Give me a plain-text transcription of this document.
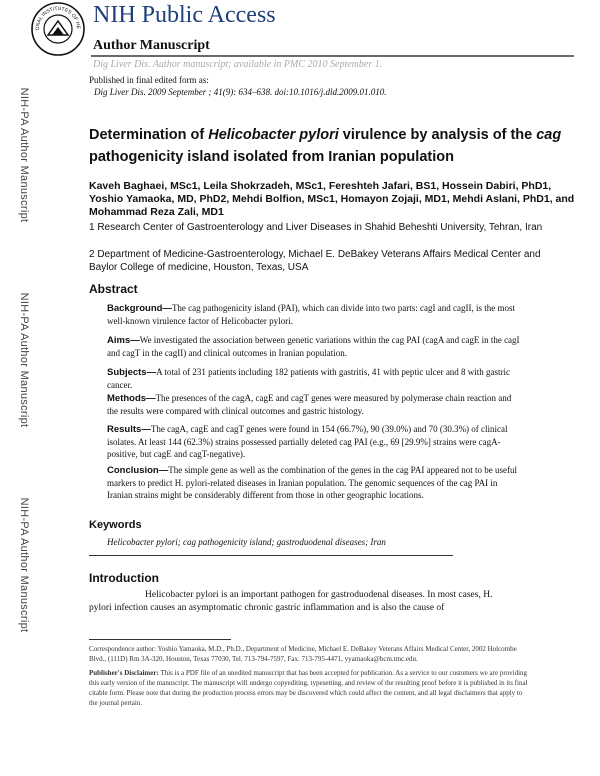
ONAL INSTITUTES OF HE NIH Public Access
Author Manuscript
Dig Liver Dis. Author manuscript; available in PMC 2010 September 1.
NIH-PA Author Manuscript
NIH-PA Author Manuscript
NIH-PA Author Manuscript
Published in final edited form as:
Dig Liver Dis. 2009 September ; 41(9): 634–638. doi:10.1016/j.dld.2009.01.010.
Determination of Helicobacter pylori virulence by analysis of the cag pathogenicity island isolated from Iranian population
Kaveh Baghaei, MSc1, Leila Shokrzadeh, MSc1, Fereshteh Jafari, BS1, Hossein Dabiri, PhD1, Yoshio Yamaoka, MD, PhD2, Mehdi Bolfion, MSc1, Homayon Zojaji, MD1, Mehdi Aslani, PhD1, and Mohammad Reza Zali, MD1
1 Research Center of Gastroenterology and Liver Diseases in Shahid Beheshti University, Tehran, Iran
2 Department of Medicine-Gastroenterology, Michael E. DeBakey Veterans Affairs Medical Center and Baylor College of medicine, Houston, Texas, USA
Abstract
Background—The cag pathogenicity island (PAI), which can divide into two parts: cagI and cagII, is the most well-known virulence factor of Helicobacter pylori.
Aims—We investigated the association between genetic variations within the cag PAI (cagA and cagE in the cagI and cagT in the cagII) and clinical outcomes in Iranian population.
Subjects—A total of 231 patients including 182 patients with gastritis, 41 with peptic ulcer and 8 with gastric cancer.
Methods—The presences of the cagA, cagE and cagT genes were measured by polymerase chain reaction and the results were compared with clinical outcomes and gastric histology.
Results—The cagA, cagE and cagT genes were found in 154 (66.7%), 90 (39.0%) and 70 (30.3%) of clinical isolates. At least 144 (62.3%) strains possessed partially deleted cag PAI (e.g., 69 [29.9%] strains were cagA-positive, but cagE and cagT-negative).
Conclusion—The simple gene as well as the combination of the genes in the cag PAI appeared not to be useful markers to predict H. pylori-related diseases in Iranian population. The genomic sequences of the cag PAI in Iranian strains might be considerably different from those in other geographic locations.
Keywords
Helicobacter pylori; cag pathogenicity island; gastroduodenal diseases; Iran
Introduction
Helicobacter pylori is an important pathogen for gastroduodenal diseases. In most cases, H. pylori infection causes an asymptomatic chronic gastric inflammation and is also the cause of
Correspondence author: Yoshio Yamaoka, M.D., Ph.D., Department of Medicine, Michael E. DeBakey Veterans Affairs Medical Center, 2002 Holcombe Blvd., (111D) Rm 3A-320, Houston, Texas 77030, Tel. 713-794-7597, Fax. 713-795-4471, yyamaoka@bcm.tmc.edu.
Publisher's Disclaimer: This is a PDF file of an unedited manuscript that has been accepted for publication. As a service to our customers we are providing this early version of the manuscript. The manuscript will undergo copyediting, typesetting, and review of the resulting proof before it is published in its final citable form. Please note that during the production process errors may be discovered which could affect the content, and all legal disclaimers that apply to the journal pertain.
